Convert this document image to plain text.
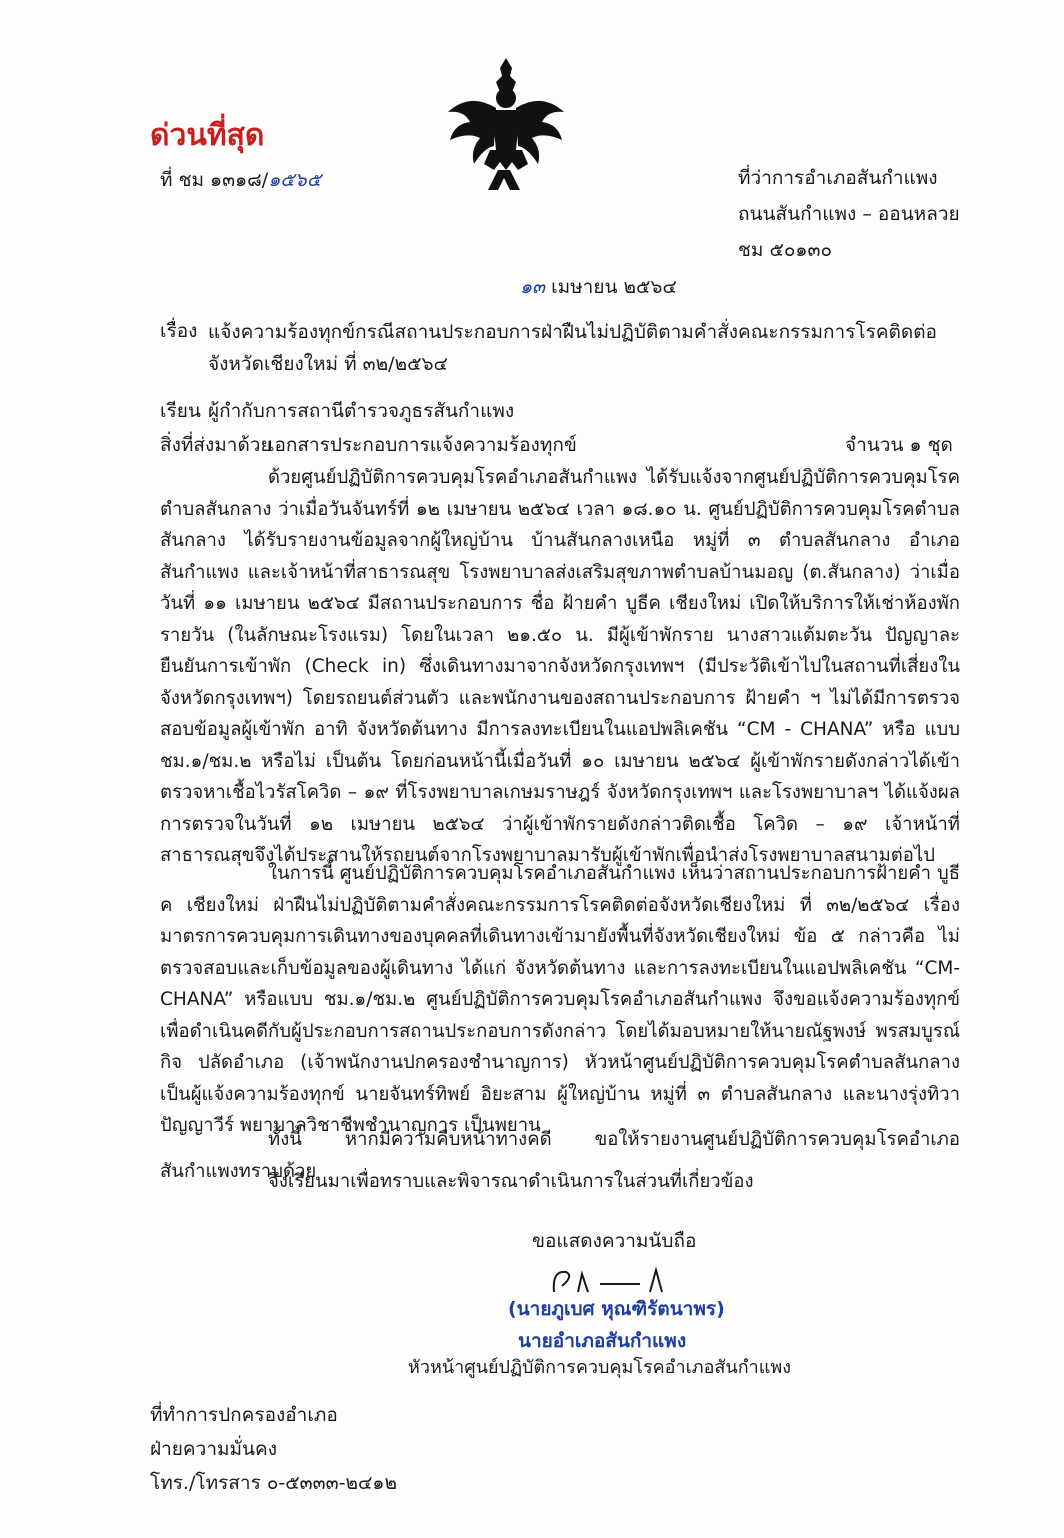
ด่วนที่สุด
ที่ ชม ๑๓๑๘/๑๕๖๕	ที่ว่าการอำเภอสันกำแพง
ถนนสันกำแพง – ออนหลวย
ชม ๕๐๑๓๐
๑๓ เมษายน ๒๕๖๔
เรื่อง แจ้งความร้องทุกข์กรณีสถานประกอบการฝ่าฝืนไม่ปฏิบัติตามคำสั่งคณะกรรมการโรคติดต่อจังหวัดเชียงใหม่ ที่ ๓๒/๒๕๖๔
เรียน ผู้กำกับการสถานีตำรวจภูธรสันกำแพง
สิ่งที่ส่งมาด้วย
เอกสารประกอบการแจ้งความร้องทุกข์	จำนวน ๑ ชุด

ด้วยศูนย์ปฏิบัติการควบคุมโรคอำเภอสันกำแพง ได้รับแจ้งจากศูนย์ปฏิบัติการควบคุมโรคตำบลสันกลาง ว่าเมื่อวันจันทร์ที่ ๑๒ เมษายน ๒๕๖๔ เวลา ๑๘.๑๐ น. ศูนย์ปฏิบัติการควบคุมโรคตำบลสันกลาง ได้รับรายงานข้อมูลจากผู้ใหญ่บ้าน บ้านสันกลางเหนือ หมู่ที่ ๓ ตำบลสันกลาง อำเภอสันกำแพง และเจ้าหน้าที่สาธารณสุข โรงพยาบาลส่งเสริมสุขภาพตำบลบ้านมอญ (ต.สันกลาง) ว่าเมื่อวันที่ ๑๑ เมษายน ๒๕๖๔ มีสถานประกอบการ ชื่อ ฝ้ายคำ บูธีค เชียงใหม่ เปิดให้บริการให้เช่าห้องพักรายวัน (ในลักษณะโรงแรม) โดยในเวลา ๒๑.๕๐ น. มีผู้เข้าพักราย นางสาวแต้มตะวัน ปัญญาละ ยืนยันการเข้าพัก (Check in) ซึ่งเดินทางมาจากจังหวัดกรุงเทพฯ (มีประวัติเข้าไปในสถานที่เสี่ยงในจังหวัดกรุงเทพฯ) โดยรถยนต์ส่วนตัว และพนักงานของสถานประกอบการ ฝ้ายคำ ฯ ไม่ได้มีการตรวจสอบข้อมูลผู้เข้าพัก อาทิ จังหวัดต้นทาง มีการลงทะเบียนในแอปพลิเคชัน “CM - CHANA” หรือ แบบ ชม.๑/ชม.๒ หรือไม่ เป็นต้น โดยก่อนหน้านี้เมื่อวันที่ ๑๐ เมษายน ๒๕๖๔ ผู้เข้าพักรายดังกล่าวได้เข้าตรวจหาเชื้อไวรัสโควิด – ๑๙ ที่โรงพยาบาลเกษมราษฎร์ จังหวัดกรุงเทพฯ และโรงพยาบาลฯ ได้แจ้งผลการตรวจในวันที่ ๑๒ เมษายน ๒๕๖๔ ว่าผู้เข้าพักรายดังกล่าวติดเชื้อ โควิด – ๑๙ เจ้าหน้าที่สาธารณสุขจึงได้ประสานให้รถยนต์จากโรงพยาบาลมารับผู้เข้าพักเพื่อนำส่งโรงพยาบาลสนามต่อไป

ในการนี้ ศูนย์ปฏิบัติการควบคุมโรคอำเภอสันกำแพง เห็นว่าสถานประกอบการฝ้ายคำ บูธีค เชียงใหม่ ฝ่าฝืนไม่ปฏิบัติตามคำสั่งคณะกรรมการโรคติดต่อจังหวัดเชียงใหม่ ที่ ๓๒/๒๕๖๔ เรื่อง มาตรการควบคุมการเดินทางของบุคคลที่เดินทางเข้ามายังพื้นที่จังหวัดเชียงใหม่ ข้อ ๕ กล่าวคือ ไม่ตรวจสอบและเก็บข้อมูลของผู้เดินทาง ได้แก่ จังหวัดต้นทาง และการลงทะเบียนในแอปพลิเคชัน “CM-CHANA” หรือแบบ ชม.๑/ชม.๒ ศูนย์ปฏิบัติการควบคุมโรคอำเภอสันกำแพง จึงขอแจ้งความร้องทุกข์เพื่อดำเนินคดีกับผู้ประกอบการสถานประกอบการดังกล่าว โดยได้มอบหมายให้นายณัฐพงษ์ พรสมบูรณ์กิจ ปลัดอำเภอ (เจ้าพนักงานปกครองชำนาญการ) หัวหน้าศูนย์ปฏิบัติการควบคุมโรคตำบลสันกลาง เป็นผู้แจ้งความร้องทุกข์ นายจันทร์ทิพย์ อิยะสาม ผู้ใหญ่บ้าน หมู่ที่ ๓ ตำบลสันกลาง และนางรุ่งทิวา ปัญญาวีร์ พยาบาลวิชาชีพชำนาญการ เป็นพยาน

ทั้งนี้ หากมีความคืบหน้าทางคดี ขอให้รายงานศูนย์ปฏิบัติการควบคุมโรคอำเภอสันกำแพงทราบด้วย

จึงเรียนมาเพื่อทราบและพิจารณาดำเนินการในส่วนที่เกี่ยวข้อง

ขอแสดงความนับถือ
(นายภูเบศ หุณฑิรัตนาพร)
นายอำเภอสันกำแพง
หัวหน้าศูนย์ปฏิบัติการควบคุมโรคอำเภอสันกำแพง
ที่ทำการปกครองอำเภอ
ฝ่ายความมั่นคง
โทร./โทรสาร ๐-๕๓๓๓-๒๔๑๒
